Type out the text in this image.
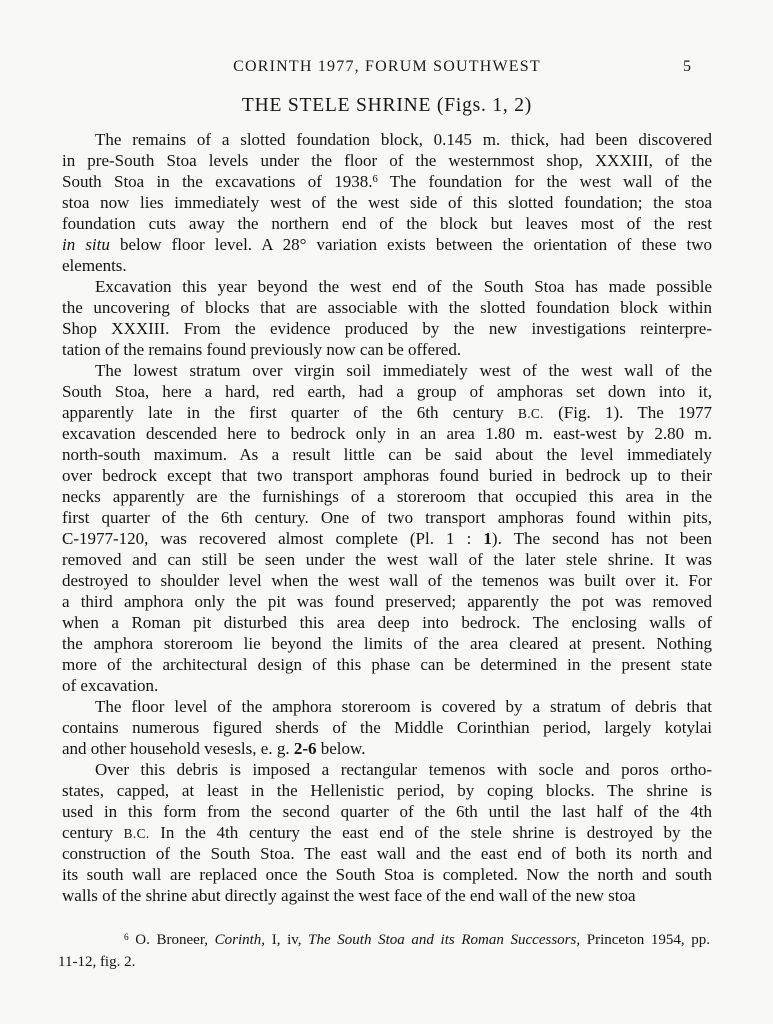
CORINTH 1977, FORUM SOUTHWEST	5
THE STELE SHRINE (Figs. 1, 2)
The remains of a slotted foundation block, 0.145 m. thick, had been discovered
in pre-South Stoa levels under the floor of the westernmost shop, XXXIII, of the
South Stoa in the excavations of 1938.6 The foundation for the west wall of the
stoa now lies immediately west of the west side of this slotted foundation; the stoa
foundation cuts away the northern end of the block but leaves most of the rest
in situ below floor level. A 28° variation exists between the orientation of these two
elements.
Excavation this year beyond the west end of the South Stoa has made possible
the uncovering of blocks that are associable with the slotted foundation block within
Shop XXXIII. From the evidence produced by the new investigations reinterpre-
tation of the remains found previously now can be offered.
The lowest stratum over virgin soil immediately west of the west wall of the
South Stoa, here a hard, red earth, had a group of amphoras set down into it,
apparently late in the first quarter of the 6th century B.C. (Fig. 1). The 1977
excavation descended here to bedrock only in an area 1.80 m. east-west by 2.80 m.
north-south maximum. As a result little can be said about the level immediately
over bedrock except that two transport amphoras found buried in bedrock up to their
necks apparently are the furnishings of a storeroom that occupied this area in the
first quarter of the 6th century. One of two transport amphoras found within pits,
C-1977-120, was recovered almost complete (Pl. 1 : 1). The second has not been
removed and can still be seen under the west wall of the later stele shrine. It was
destroyed to shoulder level when the west wall of the temenos was built over it. For
a third amphora only the pit was found preserved; apparently the pot was removed
when a Roman pit disturbed this area deep into bedrock. The enclosing walls of
the amphora storeroom lie beyond the limits of the area cleared at present. Nothing
more of the architectural design of this phase can be determined in the present state
of excavation.
The floor level of the amphora storeroom is covered by a stratum of debris that
contains numerous figured sherds of the Middle Corinthian period, largely kotylai
and other household vesesls, e. g. 2-6 below.
Over this debris is imposed a rectangular temenos with socle and poros ortho-
states, capped, at least in the Hellenistic period, by coping blocks. The shrine is
used in this form from the second quarter of the 6th until the last half of the 4th
century B.C. In the 4th century the east end of the stele shrine is destroyed by the
construction of the South Stoa. The east wall and the east end of both its north and
its south wall are replaced once the South Stoa is completed. Now the north and south
walls of the shrine abut directly against the west face of the end wall of the new stoa
6 O. Broneer, Corinth, I, iv, The South Stoa and its Roman Successors, Princeton 1954, pp.
11-12, fig. 2.
